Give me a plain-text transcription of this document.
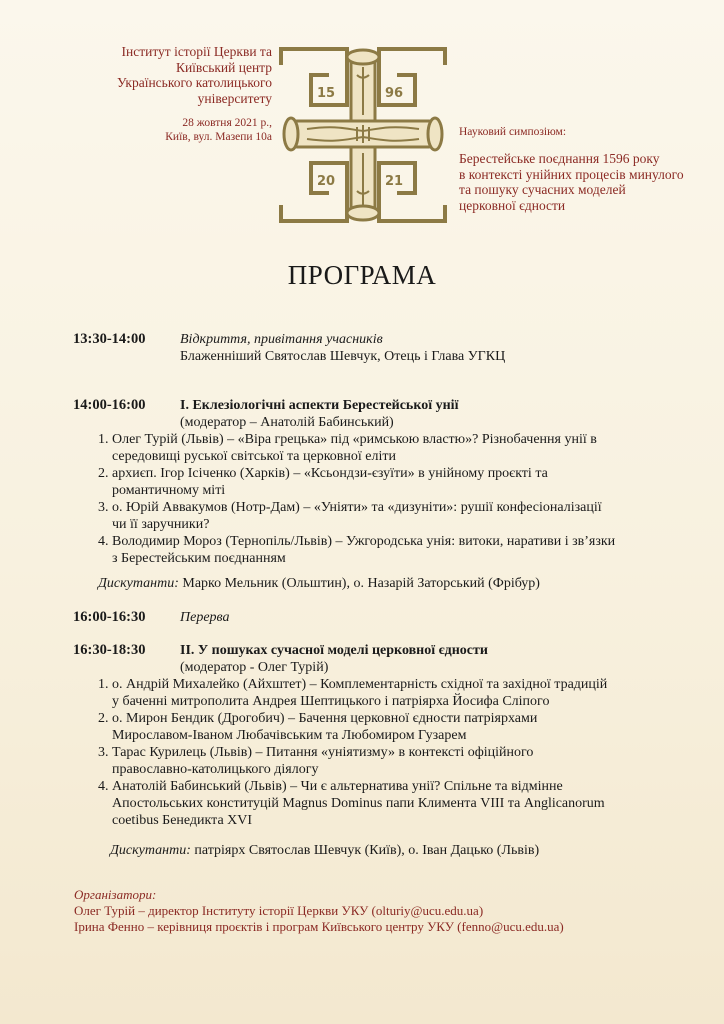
Інститут історії Церкви та
Київський центр
Українського католицького
університету
28 жовтня 2021 р.,
Київ, вул. Мазепи 10а
15	96
20	21
Науковий симпозіюм:
Берестейське поєднання 1596 року
в контексті унійних процесів минулого
та пошуку сучасних моделей
церковної єдности
ПРОГРАМА
13:30-14:00 Відкриття, привітання учасників
Блаженніший Святослав Шевчук, Отець і Глава УГКЦ
14:00-16:00 І. Еклезіологічні аспекти Берестейської унії
(модератор – Анатолій Бабинський)
1. Олег Турій (Львів) – «Віра грецька» під «римською властю»? Різнобачення унії в
середовищі руської світської та церковної еліти
2. архиєп. Ігор Ісіченко (Харків) – «Ксьондзи-єзуїти» в унійному проєкті та
романтичному міті
3. о. Юрій Аввакумов (Нотр-Дам) – «Уніяти» та «дизуніти»: рушії конфесіоналізації
чи її заручники?
4. Володимир Мороз (Тернопіль/Львів) – Ужгородська унія: витоки, наративи і зв’язки
з Берестейським поєднанням
Дискутанти: Марко Мельник (Ольштин), о. Назарій Заторський (Фрібур)
16:00-16:30 Перерва
16:30-18:30 ІІ. У пошуках сучасної моделі церковної єдности
(модератор - Олег Турій)
1. о. Андрій Михалейко (Айхштет) – Комплементарність східної та західної традицій
у баченні митрополита Андрея Шептицького і патріярха Йосифа Сліпого
2. о. Мирон Бендик (Дрогобич) – Бачення церковної єдности патріярхами
Мирославом-Іваном Любачівським та Любомиром Гузарем
3. Тарас Курилець (Львів) – Питання «уніятизму» в контексті офіційного
православно-католицького діялогу
4. Анатолій Бабинський (Львів) – Чи є альтернатива унії? Спільне та відмінне
Апостольських конституцій Magnus Dominus папи Климента VIII та Anglicanorum
coetibus Бенедикта XVI
Дискутанти: патріярх Святослав Шевчук (Київ), о. Іван Дацько (Львів)
Організатори:
Олег Турій – директор Інституту історії Церкви УКУ (olturiy@ucu.edu.ua)
Ірина Фенно – керівниця проєктів і програм Київського центру УКУ (fenno@ucu.edu.ua)
